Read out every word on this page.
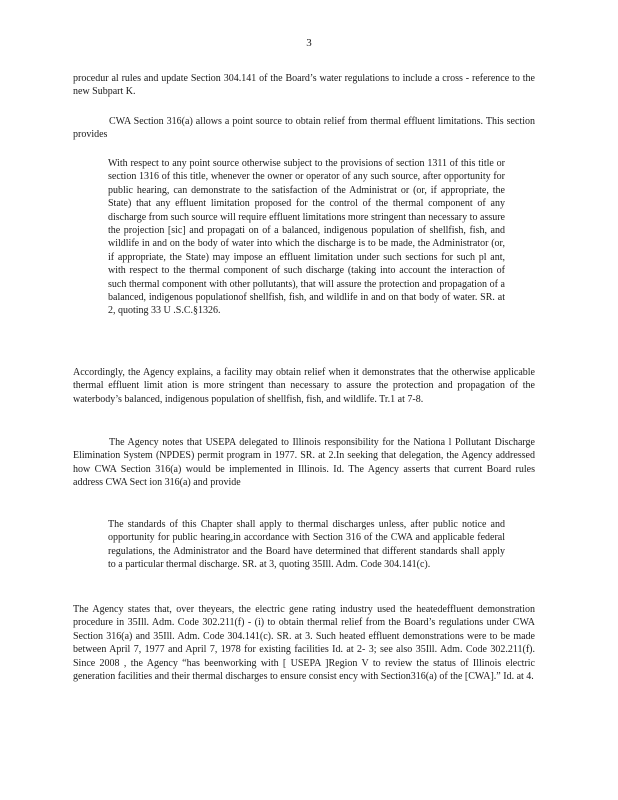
3

procedur al rules and update Section 304.141 of the Board’s water regulations to include a cross - reference to the new Subpart K.

CWA Section 316(a) allows a point source to obtain relief from thermal effluent limitations. This section provides

With respect to any point source otherwise subject to the provisions of section 1311 of this title or section 1316 of this title, whenever the owner or operator of any such source, after opportunity for public hearing, can demonstrate to the satisfaction of the Administrat or (or, if appropriate, the State) that any effluent limitation proposed for the control of the thermal component of any discharge from such source will require effluent limitations more stringent than necessary to assure the projection [sic] and propagati on of a balanced, indigenous population of shellfish, fish, and wildlife in and on the body of water into which the discharge is to be made, the Administrator (or, if appropriate, the State) may impose an effluent limitation under such sections for such pl ant, with respect to the thermal component of such discharge (taking into account the interaction of such thermal component with other pollutants), that will assure the protection and propagation of a balanced, indigenous populationof shellfish, fish, and wildlife in and on that body of water. SR. at 2, quoting 33 U .S.C.§1326.

Accordingly, the Agency explains, a facility may obtain relief when it demonstrates that the otherwise applicable thermal effluent limit ation is more stringent than necessary to assure the protection and propagation of the waterbody’s balanced, indigenous population of shellfish, fish, and wildlife. Tr.1 at 7-8.

The Agency notes that USEPA delegated to Illinois responsibility for the Nationa l Pollutant Discharge Elimination System (NPDES) permit program in 1977. SR. at 2.In seeking that delegation, the Agency addressed how CWA Section 316(a) would be implemented in Illinois. Id. The Agency asserts that current Board rules address CWA Sect ion 316(a) and provide

The standards of this Chapter shall apply to thermal discharges unless, after public notice and opportunity for public hearing,in accordance with Section 316 of the CWA and applicable federal regulations, the Administrator and the Board have determined that different standards shall apply to a particular thermal discharge. SR. at 3, quoting 35Ill. Adm. Code 304.141(c).

The Agency states that, over theyears, the electric gene rating industry used the heatedeffluent demonstration procedure in 35Ill. Adm. Code 302.211(f) - (i) to obtain thermal relief from the Board’s regulations under CWA Section 316(a) and 35Ill. Adm. Code 304.141(c). SR. at 3. Such heated effluent demonstrations were to be made between April 7, 1977 and April 7, 1978 for existing facilities Id. at 2- 3; see also 35Ill. Adm. Code 302.211(f). Since 2008 , the Agency “has beenworking with [ USEPA ]Region V to review the status of Illinois electric generation facilities and their thermal discharges to ensure consist ency with Section316(a) of the [CWA].” Id. at 4.
